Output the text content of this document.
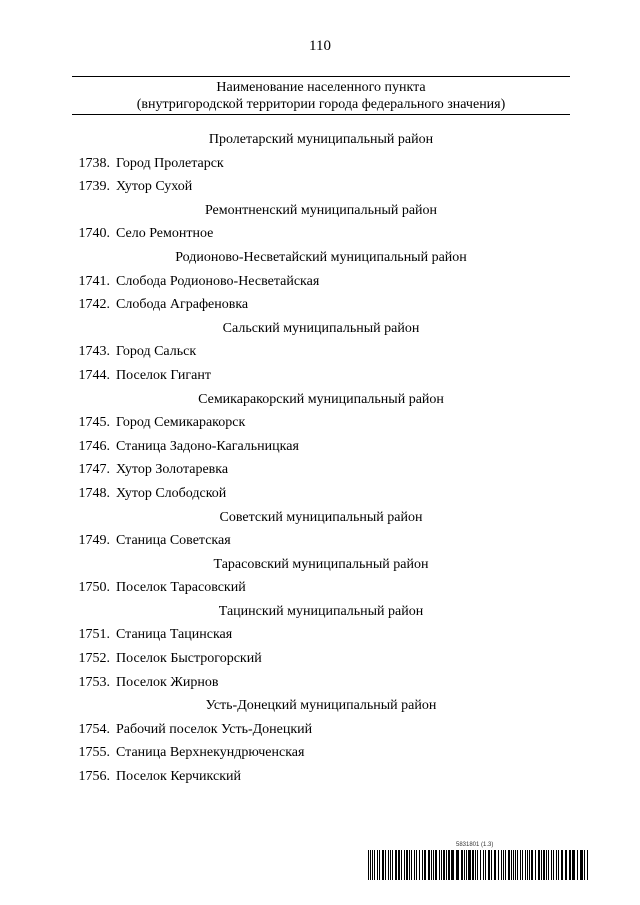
110
Наименование населенного пункта
(внутригородской территории города федерального значения)
Пролетарский муниципальный район
1738. Город Пролетарск
1739. Хутор Сухой
Ремонтненский муниципальный район
1740. Село Ремонтное
Родионово-Несветайский муниципальный район
1741. Слобода Родионово-Несветайская
1742. Слобода Аграфеновка
Сальский муниципальный район
1743. Город Сальск
1744. Поселок Гигант
Семикаракорский муниципальный район
1745. Город Семикаракорск
1746. Станица Задоно-Кагальницкая
1747. Хутор Золотаревка
1748. Хутор Слободской
Советский муниципальный район
1749. Станица Советская
Тарасовский муниципальный район
1750. Поселок Тарасовский
Тацинский муниципальный район
1751. Станица Тацинская
1752. Поселок Быстрогорский
1753. Поселок Жирнов
Усть-Донецкий муниципальный район
1754. Рабочий поселок Усть-Донецкий
1755. Станица Верхнекундрюченская
1756. Поселок Керчикский
5831801 (1.3)
